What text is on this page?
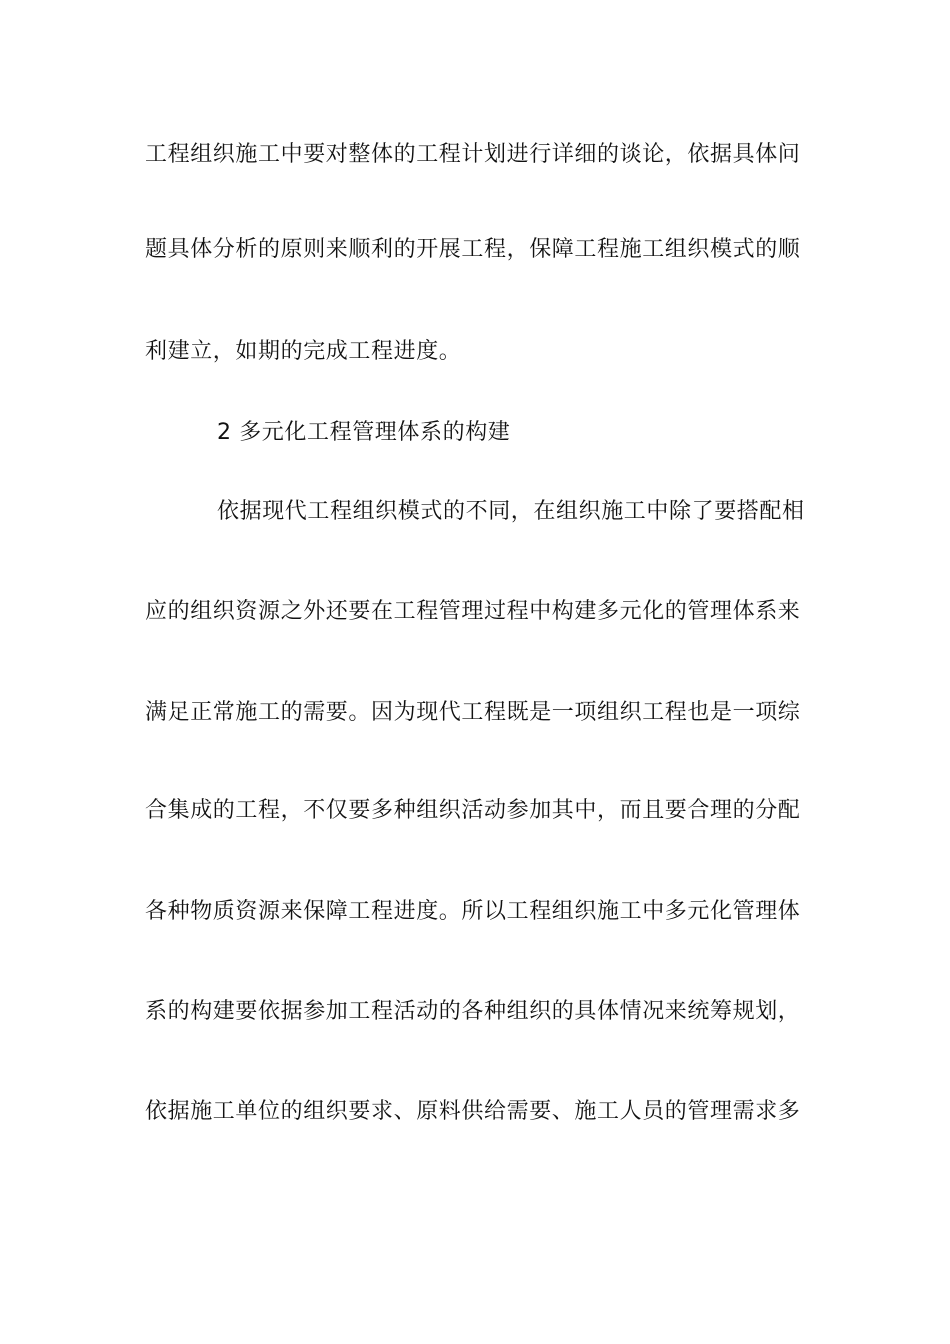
工程组织施工中要对整体的工程计划进行详细的谈论，依据具体问
题具体分析的原则来顺利的开展工程，保障工程施工组织模式的顺
利建立，如期的完成工程进度。
2 多元化工程管理体系的构建
依据现代工程组织模式的不同，在组织施工中除了要搭配相
应的组织资源之外还要在工程管理过程中构建多元化的管理体系来
满足正常施工的需要。因为现代工程既是一项组织工程也是一项综
合集成的工程，不仅要多种组织活动参加其中，而且要合理的分配
各种物质资源来保障工程进度。所以工程组织施工中多元化管理体
系的构建要依据参加工程活动的各种组织的具体情况来统筹规划，
依据施工单位的组织要求、原料供给需要、施工人员的管理需求多
